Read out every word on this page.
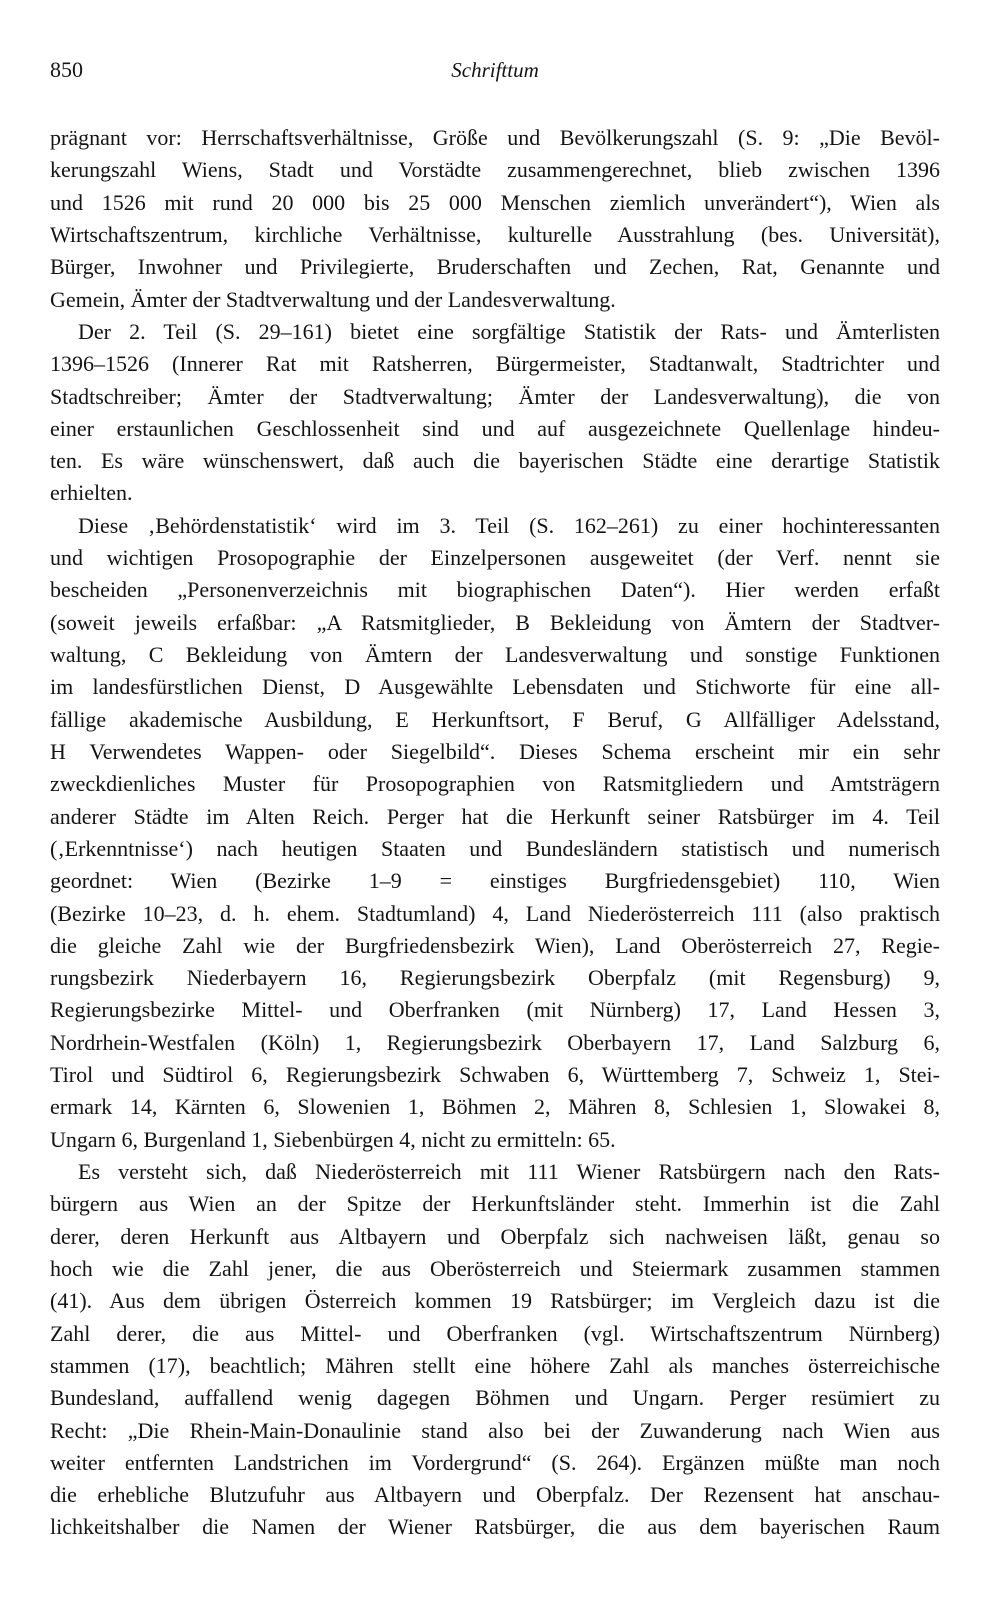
850	Schrifttum
prägnant vor: Herrschaftsverhältnisse, Größe und Bevölkerungszahl (S. 9: „Die Bevöl-
kerungszahl Wiens, Stadt und Vorstädte zusammengerechnet, blieb zwischen 1396
und 1526 mit rund 20 000 bis 25 000 Menschen ziemlich unverändert“), Wien als
Wirtschaftszentrum, kirchliche Verhältnisse, kulturelle Ausstrahlung (bes. Universität),
Bürger, Inwohner und Privilegierte, Bruderschaften und Zechen, Rat, Genannte und
Gemein, Ämter der Stadtverwaltung und der Landesverwaltung.
Der 2. Teil (S. 29–161) bietet eine sorgfältige Statistik der Rats- und Ämterlisten
1396–1526 (Innerer Rat mit Ratsherren, Bürgermeister, Stadtanwalt, Stadtrichter und
Stadtschreiber; Ämter der Stadtverwaltung; Ämter der Landesverwaltung), die von
einer erstaunlichen Geschlossenheit sind und auf ausgezeichnete Quellenlage hindeu-
ten. Es wäre wünschenswert, daß auch die bayerischen Städte eine derartige Statistik
erhielten.
Diese ‚Behördenstatistik‘ wird im 3. Teil (S. 162–261) zu einer hochinteressanten
und wichtigen Prosopographie der Einzelpersonen ausgeweitet (der Verf. nennt sie
bescheiden „Personenverzeichnis mit biographischen Daten“). Hier werden erfaßt
(soweit jeweils erfaßbar: „A Ratsmitglieder, B Bekleidung von Ämtern der Stadtver-
waltung, C Bekleidung von Ämtern der Landesverwaltung und sonstige Funktionen
im landesfürstlichen Dienst, D Ausgewählte Lebensdaten und Stichworte für eine all-
fällige akademische Ausbildung, E Herkunftsort, F Beruf, G Allfälliger Adelsstand,
H Verwendetes Wappen- oder Siegelbild“. Dieses Schema erscheint mir ein sehr
zweckdienliches Muster für Prosopographien von Ratsmitgliedern und Amtsträgern
anderer Städte im Alten Reich. Perger hat die Herkunft seiner Ratsbürger im 4. Teil
(‚Erkenntnisse‘) nach heutigen Staaten und Bundesländern statistisch und numerisch
geordnet: Wien (Bezirke 1–9 = einstiges Burgfriedensgebiet) 110, Wien
(Bezirke 10–23, d. h. ehem. Stadtumland) 4, Land Niederösterreich 111 (also praktisch
die gleiche Zahl wie der Burgfriedensbezirk Wien), Land Oberösterreich 27, Regie-
rungsbezirk Niederbayern 16, Regierungsbezirk Oberpfalz (mit Regensburg) 9,
Regierungsbezirke Mittel- und Oberfranken (mit Nürnberg) 17, Land Hessen 3,
Nordrhein-Westfalen (Köln) 1, Regierungsbezirk Oberbayern 17, Land Salzburg 6,
Tirol und Südtirol 6, Regierungsbezirk Schwaben 6, Württemberg 7, Schweiz 1, Stei-
ermark 14, Kärnten 6, Slowenien 1, Böhmen 2, Mähren 8, Schlesien 1, Slowakei 8,
Ungarn 6, Burgenland 1, Siebenbürgen 4, nicht zu ermitteln: 65.
Es versteht sich, daß Niederösterreich mit 111 Wiener Ratsbürgern nach den Rats-
bürgern aus Wien an der Spitze der Herkunftsländer steht. Immerhin ist die Zahl
derer, deren Herkunft aus Altbayern und Oberpfalz sich nachweisen läßt, genau so
hoch wie die Zahl jener, die aus Oberösterreich und Steiermark zusammen stammen
(41). Aus dem übrigen Österreich kommen 19 Ratsbürger; im Vergleich dazu ist die
Zahl derer, die aus Mittel- und Oberfranken (vgl. Wirtschaftszentrum Nürnberg)
stammen (17), beachtlich; Mähren stellt eine höhere Zahl als manches österreichische
Bundesland, auffallend wenig dagegen Böhmen und Ungarn. Perger resümiert zu
Recht: „Die Rhein-Main-Donaulinie stand also bei der Zuwanderung nach Wien aus
weiter entfernten Landstrichen im Vordergrund“ (S. 264). Ergänzen müßte man noch
die erhebliche Blutzufuhr aus Altbayern und Oberpfalz. Der Rezensent hat anschau-
lichkeitshalber die Namen der Wiener Ratsbürger, die aus dem bayerischen Raum
